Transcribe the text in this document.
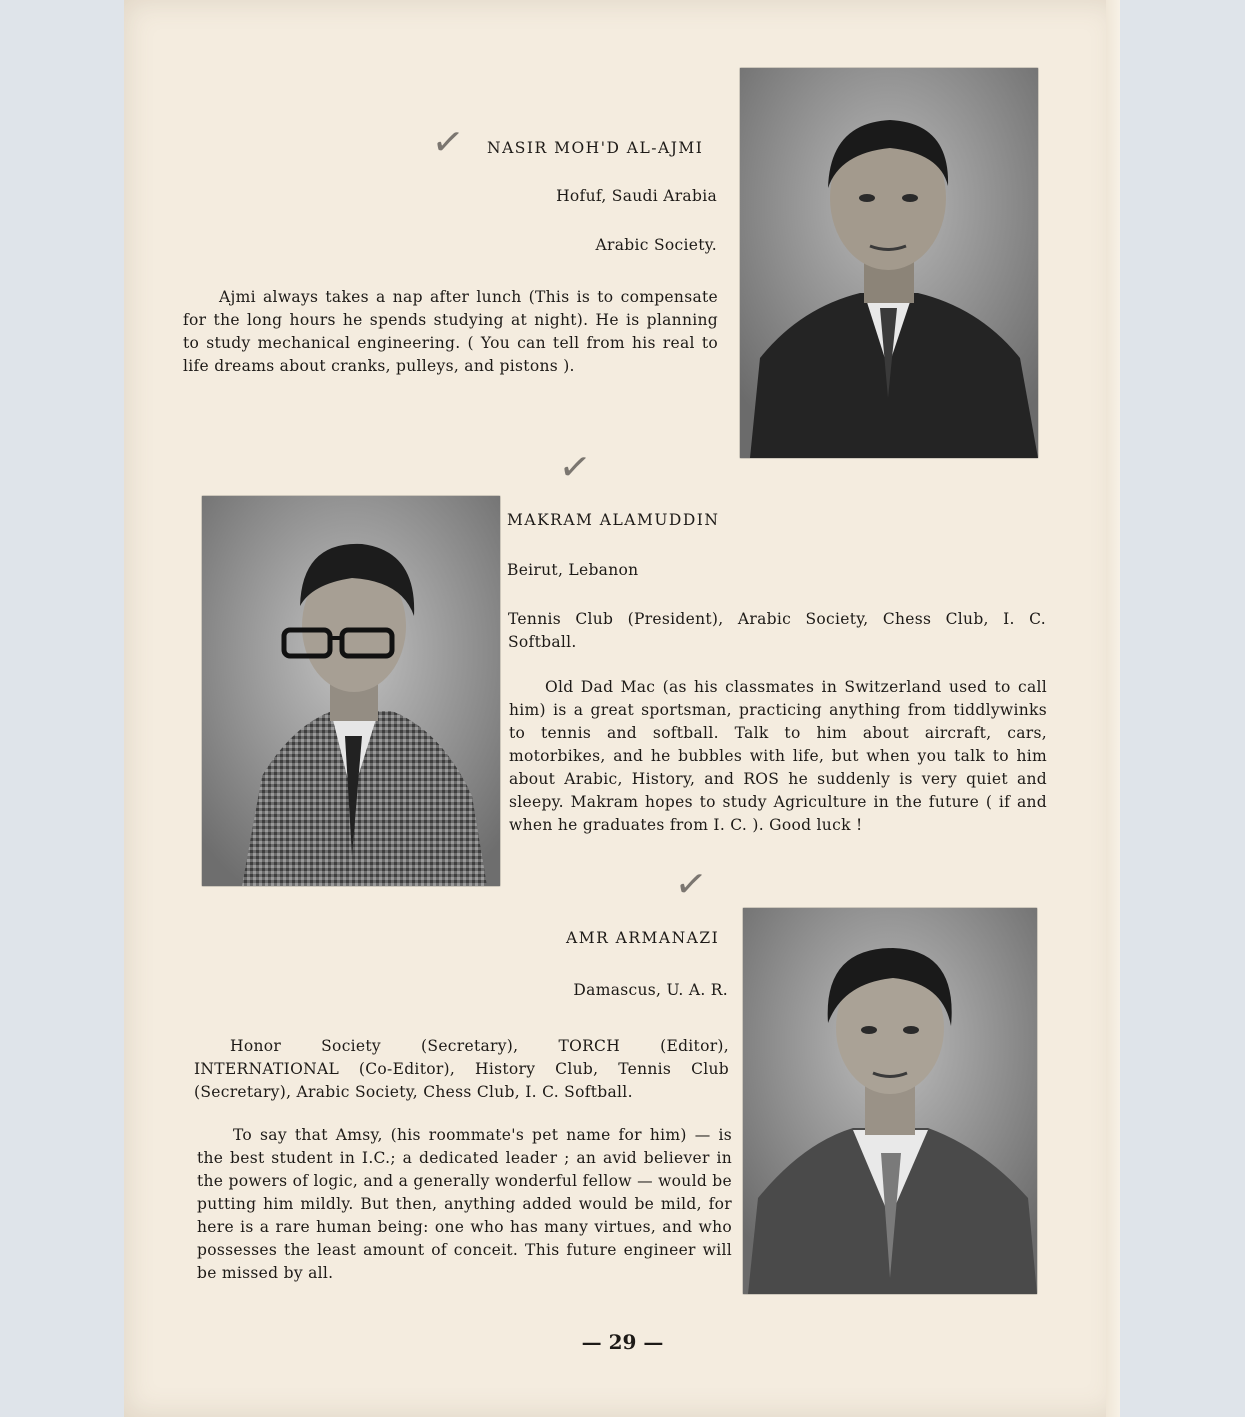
✓ NASIR MOH'D AL-AJMI
Hofuf, Saudi Arabia
Arabic Society.
Ajmi always takes a nap after lunch (This is to compensate for the long hours he spends studying at night). He is planning to study mechanical engineering. ( You can tell from his real to life dreams about cranks, pulleys, and pistons ).
✓
MAKRAM ALAMUDDIN
Beirut, Lebanon
Tennis Club (President), Arabic Society, Chess Club, I. C. Softball.
Old Dad Mac (as his classmates in Switzerland used to call him) is a great sportsman, practicing anything from tiddlywinks to tennis and softball. Talk to him about aircraft, cars, motorbikes, and he bubbles with life, but when you talk to him about Arabic, History, and ROS he suddenly is very quiet and sleepy. Makram hopes to study Agriculture in the future ( if and when he graduates from I. C. ). Good luck !
✓
AMR ARMANAZI
Damascus, U. A. R.
Honor Society (Secretary), TORCH (Editor), INTERNATIONAL (Co-Editor), History Club, Tennis Club (Secretary), Arabic Society, Chess Club, I. C. Softball.
To say that Amsy, (his roommate's pet name for him) — is the best student in I.C.; a dedicated leader ; an avid believer in the powers of logic, and a generally wonderful fellow — would be putting him mildly. But then, anything added would be mild, for here is a rare human being: one who has many virtues, and who possesses the least amount of conceit. This future engineer will be missed by all.
— 29 —
